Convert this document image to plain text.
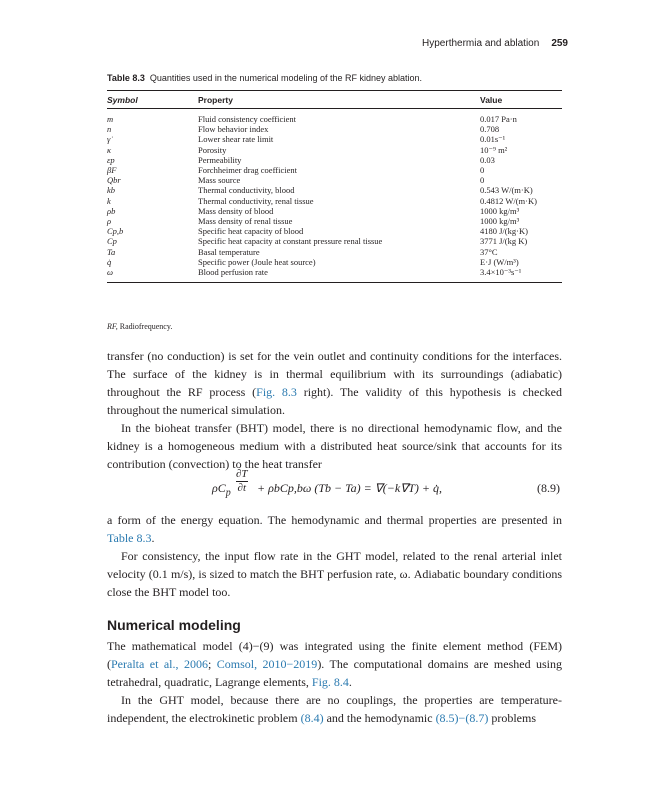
Hyperthermia and ablation 259
Table 8.3 Quantities used in the numerical modeling of the RF kidney ablation.
Symbol	Property	Value
m	Fluid consistency coefficient	0.017 Pa·n
n	Flow behavior index	0.708
γ̇	Lower shear rate limit	0.01s⁻¹
κ	Porosity	10⁻⁹ m²
εp	Permeability	0.03
βF	Forchheimer drag coefficient	0
Qbr	Mass source	0
kb	Thermal conductivity, blood	0.543 W/(m·K)
k	Thermal conductivity, renal tissue	0.4812 W/(m·K)
ρb	Mass density of blood	1000 kg/m³
ρ	Mass density of renal tissue	1000 kg/m³
Cp,b	Specific heat capacity of blood	4180 J/(kg·K)
Cp	Specific heat capacity at constant pressure renal tissue	3771 J/(kg K)
Ta	Basal temperature	37°C
q̇	Specific power (Joule heat source)	E·J (W/m³)
ω	Blood perfusion rate	3.4×10⁻³s⁻¹
RF, Radiofrequency.

transfer (no conduction) is set for the vein outlet and continuity conditions for the interfaces. The surface of the kidney is in thermal equilibrium with its surroundings (adiabatic) throughout the RF process (Fig. 8.3 right). The validity of this hypothesis is checked throughout the numerical simulation.

In the bioheat transfer (BHT) model, there is no directional hemodynamic flow, and the kidney is a homogeneous medium with a distributed heat source/sink that accounts for its contribution (convection) to the heat transfer

$\rho C_p \frac{\partial T}{\partial t} + \rho bCp,b\omega$ (Tb − Ta) = ∇(−k∇T) + q̇,	(8.9)

a form of the energy equation. The hemodynamic and thermal properties are presented in Table 8.3.

For consistency, the input flow rate in the GHT model, related to the renal arterial inlet velocity (0.1 m/s), is sized to match the BHT perfusion rate, ω. Adiabatic boundary conditions close the BHT model too.

Numerical modeling

The mathematical model (4)−(9) was integrated using the finite element method (FEM) (Peralta et al., 2006; Comsol, 2010−2019). The computational domains are meshed using tetrahedral, quadratic, Lagrange elements, Fig. 8.4.

In the GHT model, because there are no couplings, the properties are temperature-independent, the electrokinetic problem (8.4) and the hemodynamic (8.5)−(8.7) problems
